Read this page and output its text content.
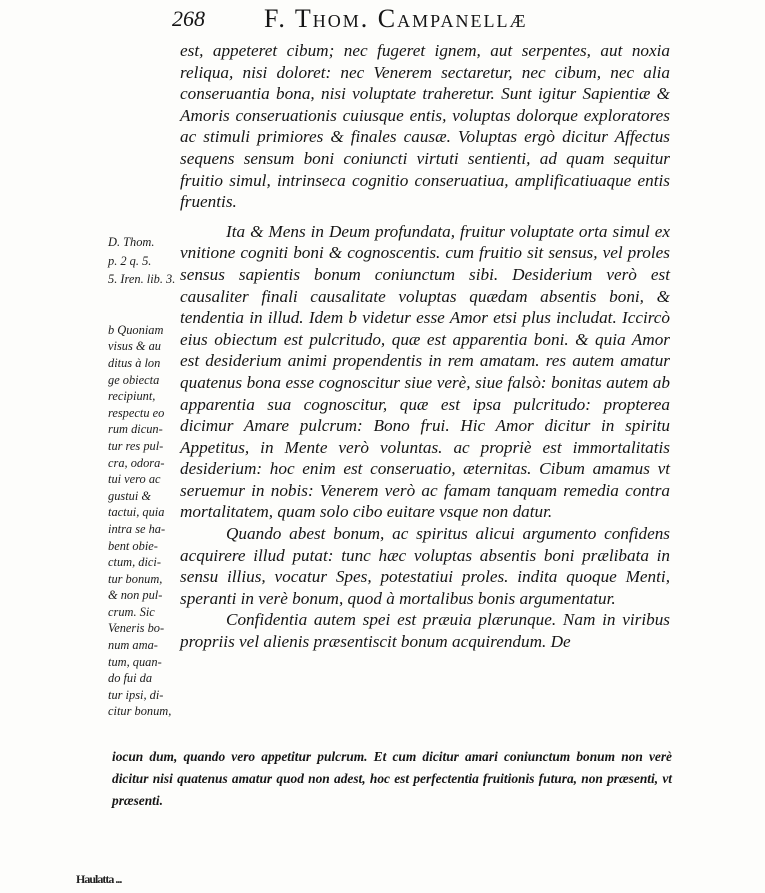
268 F. Thom. Campanellæ

est, appeteret cibum; nec fugeret ignem, aut serpentes, aut noxia reliqua, nisi doloret: nec Venerem sectaretur, nec cibum, nec alia conseruantia bona, nisi voluptate traheretur. Sunt igitur Sapientiæ & Amoris conseruationis cuiusque entis, voluptas dolorque exploratores ac stimuli primiores & finales causæ. Voluptas ergò dicitur Affectus sequens sensum boni coniuncti virtuti sentienti, ad quam sequitur fruitio simul, intrinseca cognitio conseruatiua, amplificatiuaque entis fruentis.

Ita & Mens in Deum profundata, fruitur voluptate orta simul ex vnitione cogniti boni & cognoscentis. cum fruitio sit sensus, vel proles sensus sapientis bonum coniunctum sibi. Desiderium verò est causaliter finali causalitate voluptas quædam absentis boni, & tendentia in illud. Idem b videtur esse Amor etsi plus includat. Iccircò eius obiectum est pulcritudo, quæ est apparentia boni. & quia Amor est desiderium animi propendentis in rem amatam. res autem amatur quatenus bona esse cognoscitur siue verè, siue falsò: bonitas autem ab apparentia sua cognoscitur, quæ est ipsa pulcritudo: propterea dicimur Amare pulcrum: Bono frui. Hic Amor dicitur in spiritu Appetitus, in Mente verò voluntas. ac propriè est immortalitatis desiderium: hoc enim est conseruatio, æternitas. Cibum amamus vt seruemur in nobis: Venerem verò ac famam tanquam remedia contra mortalitatem, quam solo cibo euitare vsque non datur.

Quando abest bonum, ac spiritus alicui argumento confidens acquirere illud putat: tunc hæc voluptas absentis boni prælibata in sensu illius, vocatur Spes, potestatiui proles. indita quoque Menti, speranti in verè bonum, quod à mortalibus bonis argumentatur.

Confidentia autem spei est præuia plærunque. Nam in viribus propriis vel alienis præsentiscit bonum acquirendum. De

D. Thom.
p. 2 q. 5.
5. Iren. lib. 3.
b Quoniam
visus & au
ditus à lon
ge obiecta
recipiunt,
respectu eo
rum dicun-
tur res pul-
cra, odora-
tui vero ac
gustui &
tactui, quia
intra se ha-
bent obie-
ctum, dici-
tur bonum,
& non pul-
crum. Sic
Veneris bo-
num ama-
tum, quan-
do fui da
tur ipsi, di-
citur bonum,
iocun dum, quando vero appetitur pulcrum. Et cum dicitur amari coniunctum bonum non verè dicitur nisi quatenus amatur quod non adest, hoc est perfectentia fruitionis futura, non præsenti, vt præsenti.
Haulatta ...
